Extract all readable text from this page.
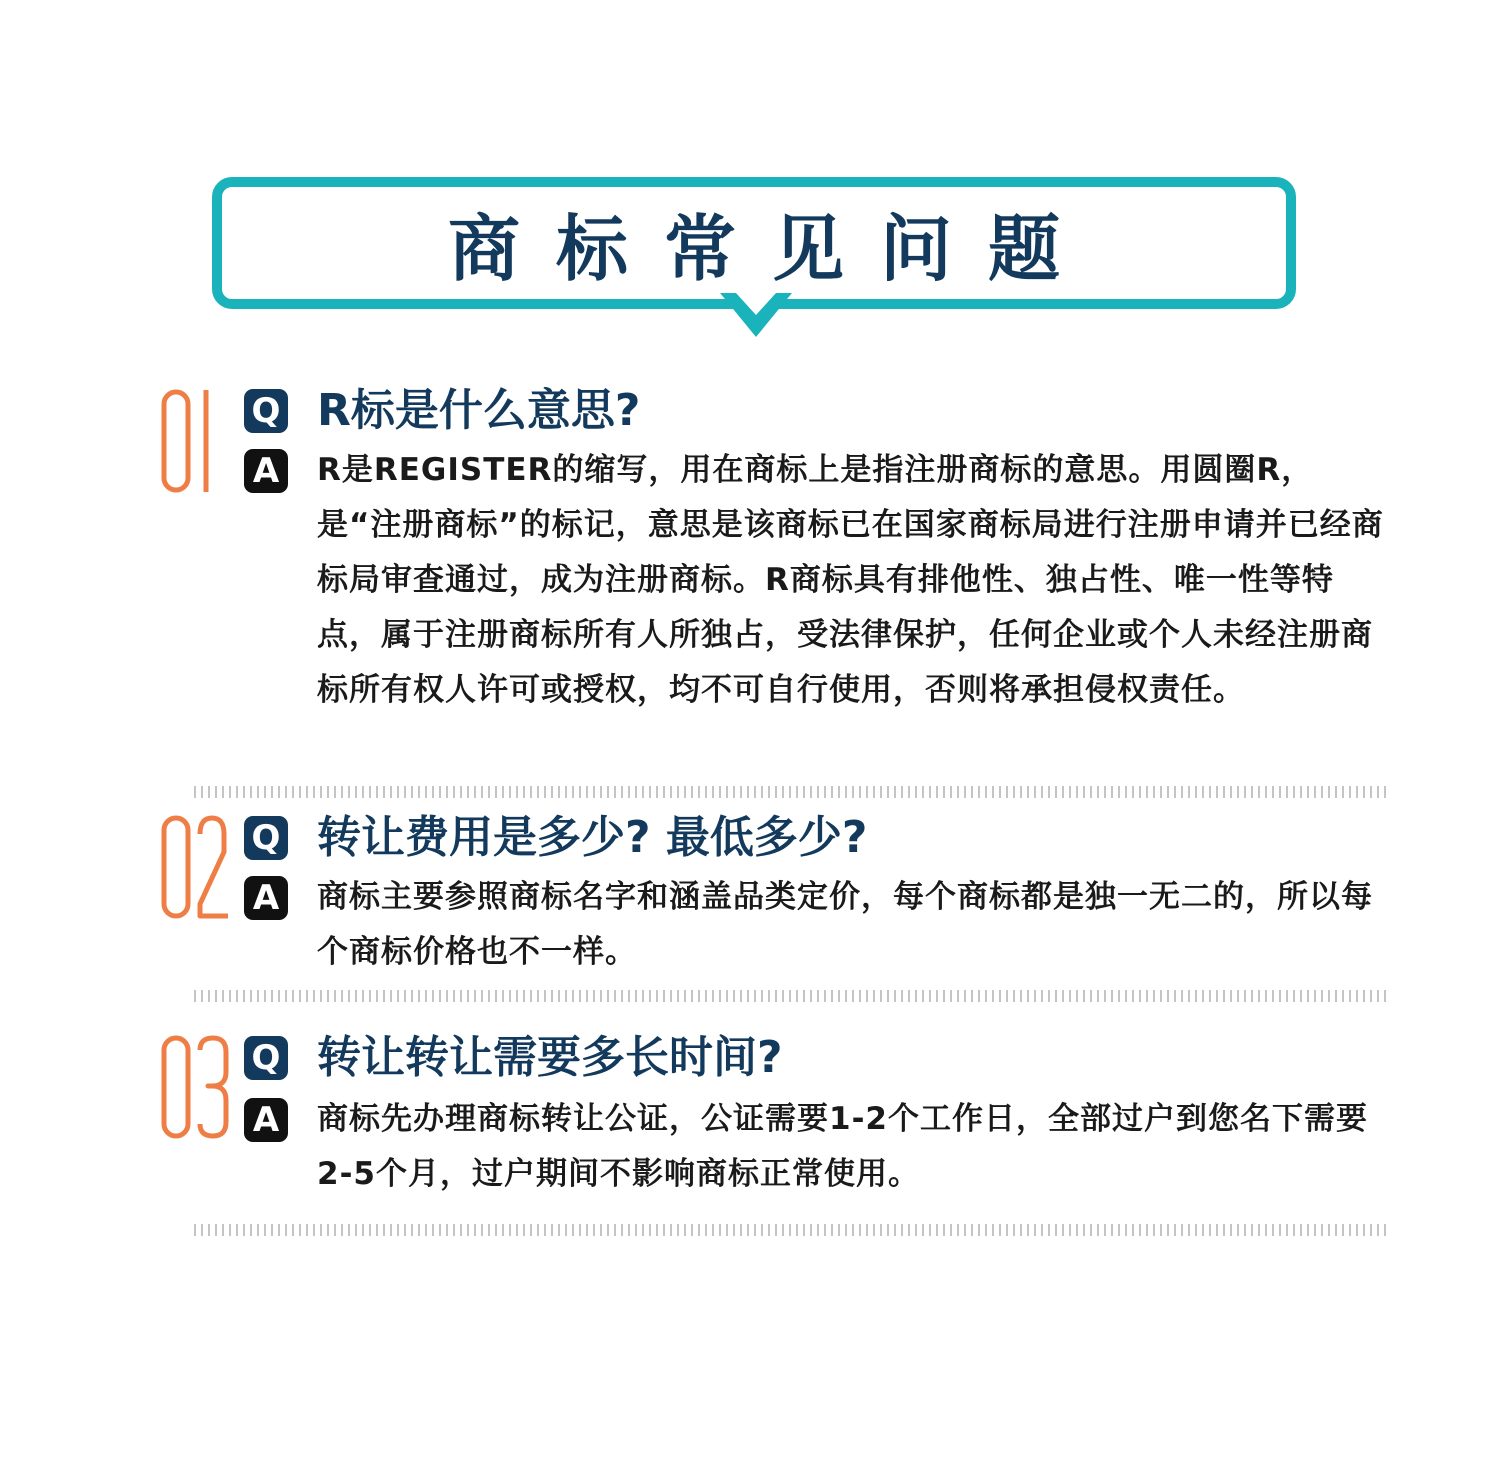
商标常见问题
Q R标是什么意思?
A R是REGISTER的缩写，用在商标上是指注册商标的意思。用圆圈R，是“注册商标”的标记，意思是该商标已在国家商标局进行注册申请并已经商标局审查通过，成为注册商标。R商标具有排他性、独占性、唯一性等特点，属于注册商标所有人所独占，受法律保护，任何企业或个人未经注册商标所有权人许可或授权，均不可自行使用，否则将承担侵权责任。
Q 转让费用是多少? 最低多少?
A 商标主要参照商标名字和涵盖品类定价，每个商标都是独一无二的，所以每个商标价格也不一样。
Q 转让转让需要多长时间?
A 商标先办理商标转让公证，公证需要1-2个工作日，全部过户到您名下需要2-5个月，过户期间不影响商标正常使用。
